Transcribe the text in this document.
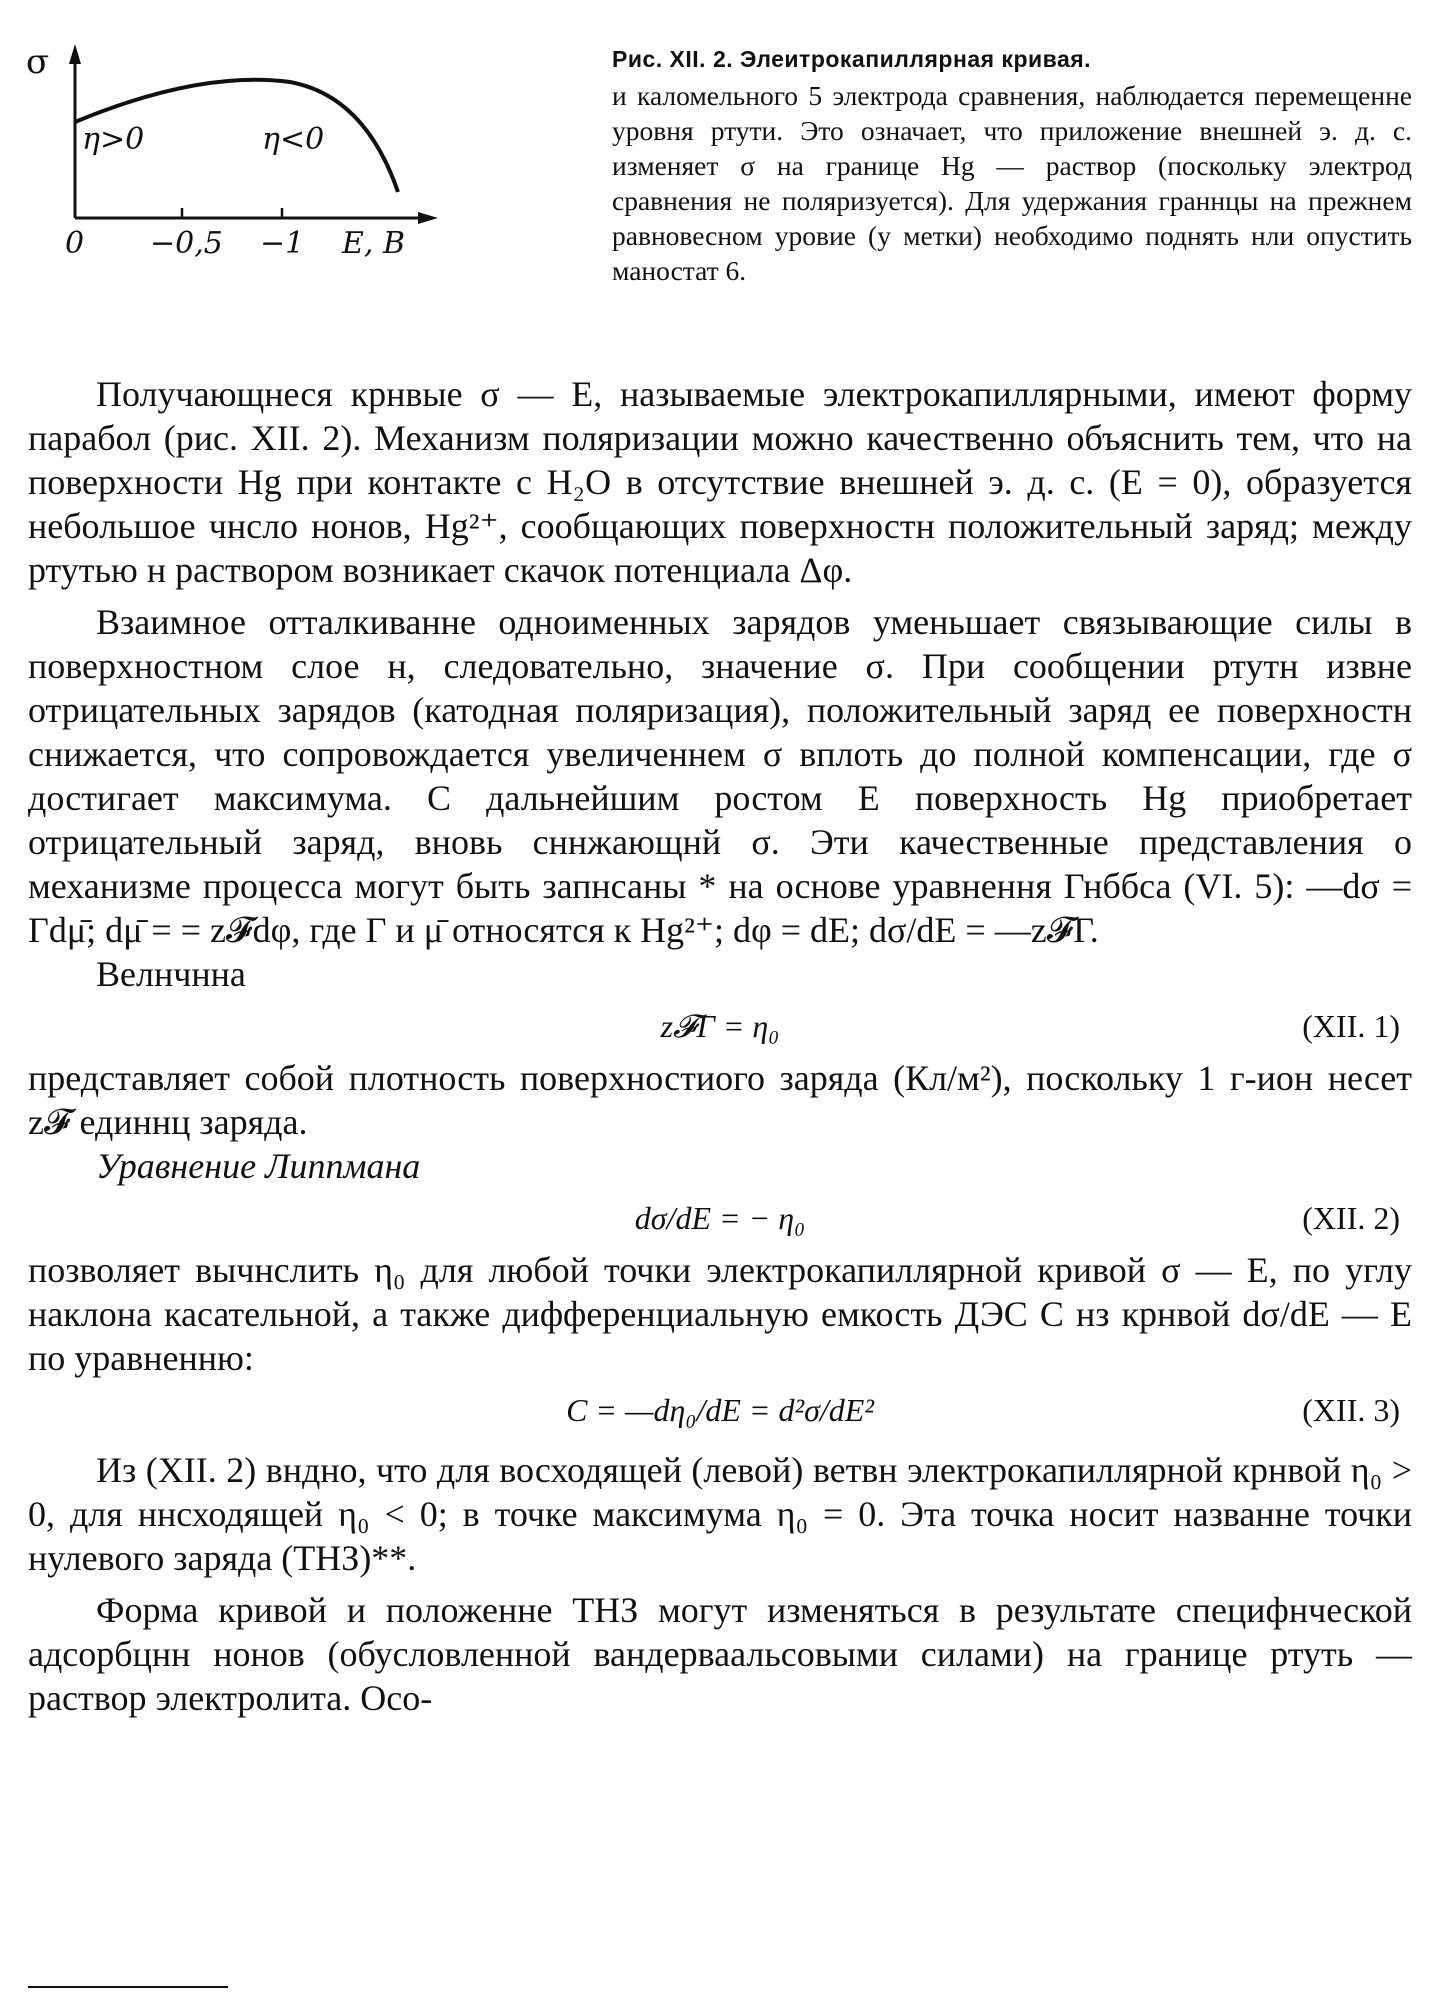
σ
η>0	η<0
0 −0,5 −1 E, B
Рис. XII. 2. Элеитрокапиллярная кривая.

и каломельного 5 электрода сравнения, наблюдается перемещенне уровня ртути. Это означает, что приложение внешней э. д. с. изменяет σ на границе Hg — раствор (поскольку электрод сравнения не поляризуется). Для удержания граннцы на прежнем равновесном уровие (у метки) необходимо поднять нли опустить маностат 6.

Получающнеся крнвые σ — E, называемые электрокапиллярными, имеют форму парабол (рис. XII. 2). Механизм поляризации можно качественно объяснить тем, что на поверхности Hg при контакте с H₂O в отсутствие внешней э. д. с. (E = 0), образуется небольшое чнсло нонов, Hg²⁺, сообщающих поверхностн положительный заряд; между ртутью н раствором возникает скачок потенциала Δφ.

Взаимное отталкиванне одноименных зарядов уменьшает связывающие силы в поверхностном слое н, следовательно, значение σ. При сообщении ртутн извне отрицательных зарядов (катодная поляризация), положительный заряд ее поверхностн снижается, что сопровождается увеличеннем σ вплоть до полной компенсации, где σ достигает максимума. С дальнейшим ростом E поверхность Hg приобретает отрицательный заряд, вновь сннжающнй σ. Эти качественные представления о механизме процесса могут быть запнсаны * на основе уравнення Гнббса (VI. 5): —dσ = Γdμ̄; dμ̄ = = z𝓕dφ, где Γ и μ̄ относятся к Hg²⁺; dφ = dE; dσ/dE = —z𝓕Γ.

Велнчнна

z𝓕Γ = η₀	(XII. 1)

представляет собой плотность поверхностиого заряда (Кл/м²), поскольку 1 г-ион несет z𝓕 единнц заряда.

Уравнение Липпмана

dσ/dE = − η₀	(XII. 2)

позволяет вычнслить η₀ для любой точки электрокапиллярной кривой σ — E, по углу наклона касательной, а также дифференциальную емкость ДЭС C нз крнвой dσ/dE — E по уравненню:

C = —dη₀/dE = d²σ/dE²	(XII. 3)

Из (XII. 2) вндно, что для восходящей (левой) ветвн электрокапиллярной крнвой η₀ > 0, для ннсходящей η₀ < 0; в точке максимума η₀ = 0. Эта точка носит названне точки нулевого заряда (ТНЗ)**.

Форма кривой и положенне ТНЗ могут изменяться в результате специфнческой адсорбцнн нонов (обусловленной вандерваальсовыми силами) на границе ртуть — раствор электролита. Осо-
